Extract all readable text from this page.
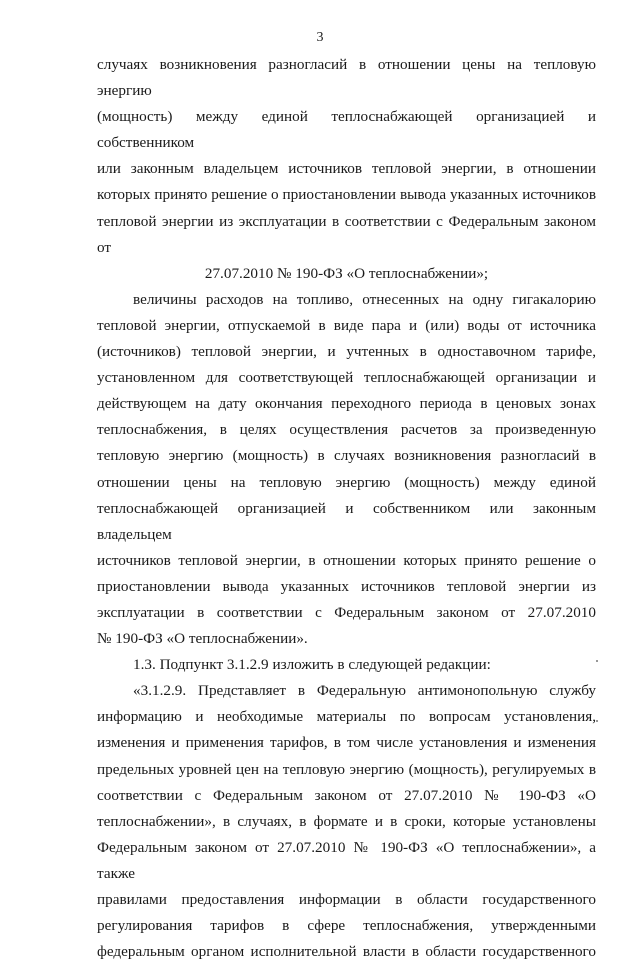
3
случаях возникновения разногласий в отношении цены на тепловую энергию
(мощность) между единой теплоснабжающей организацией и собственником
или законным владельцем источников тепловой энергии, в отношении
которых принято решение о приостановлении вывода указанных источников
тепловой энергии из эксплуатации в соответствии с Федеральным законом от
27.07.2010 № 190-ФЗ «О теплоснабжении»;
величины расходов на топливо, отнесенных на одну гигакалорию
тепловой энергии, отпускаемой в виде пара и (или) воды от источника
(источников) тепловой энергии, и учтенных в одноставочном тарифе,
установленном для соответствующей теплоснабжающей организации и
действующем на дату окончания переходного периода в ценовых зонах
теплоснабжения, в целях осуществления расчетов за произведенную
тепловую энергию (мощность) в случаях возникновения разногласий в
отношении цены на тепловую энергию (мощность) между единой
теплоснабжающей организацией и собственником или законным владельцем
источников тепловой энергии, в отношении которых принято решение о
приостановлении вывода указанных источников тепловой энергии из
эксплуатации в соответствии с Федеральным законом от 27.07.2010
№ 190-ФЗ «О теплоснабжении».
1.3. Подпункт 3.1.2.9 изложить в следующей редакции:
«3.1.2.9. Представляет в Федеральную антимонопольную службу
информацию и необходимые материалы по вопросам установления,
изменения и применения тарифов, в том числе установления и изменения
предельных уровней цен на тепловую энергию (мощность), регулируемых в
соответствии с Федеральным законом от 27.07.2010 № 190-ФЗ «О
теплоснабжении», в случаях, в формате и в сроки, которые установлены
Федеральным законом от 27.07.2010 № 190-ФЗ «О теплоснабжении», а также
правилами предоставления информации в области государственного
регулирования тарифов в сфере теплоснабжения, утвержденными
федеральным органом исполнительной власти в области государственного
